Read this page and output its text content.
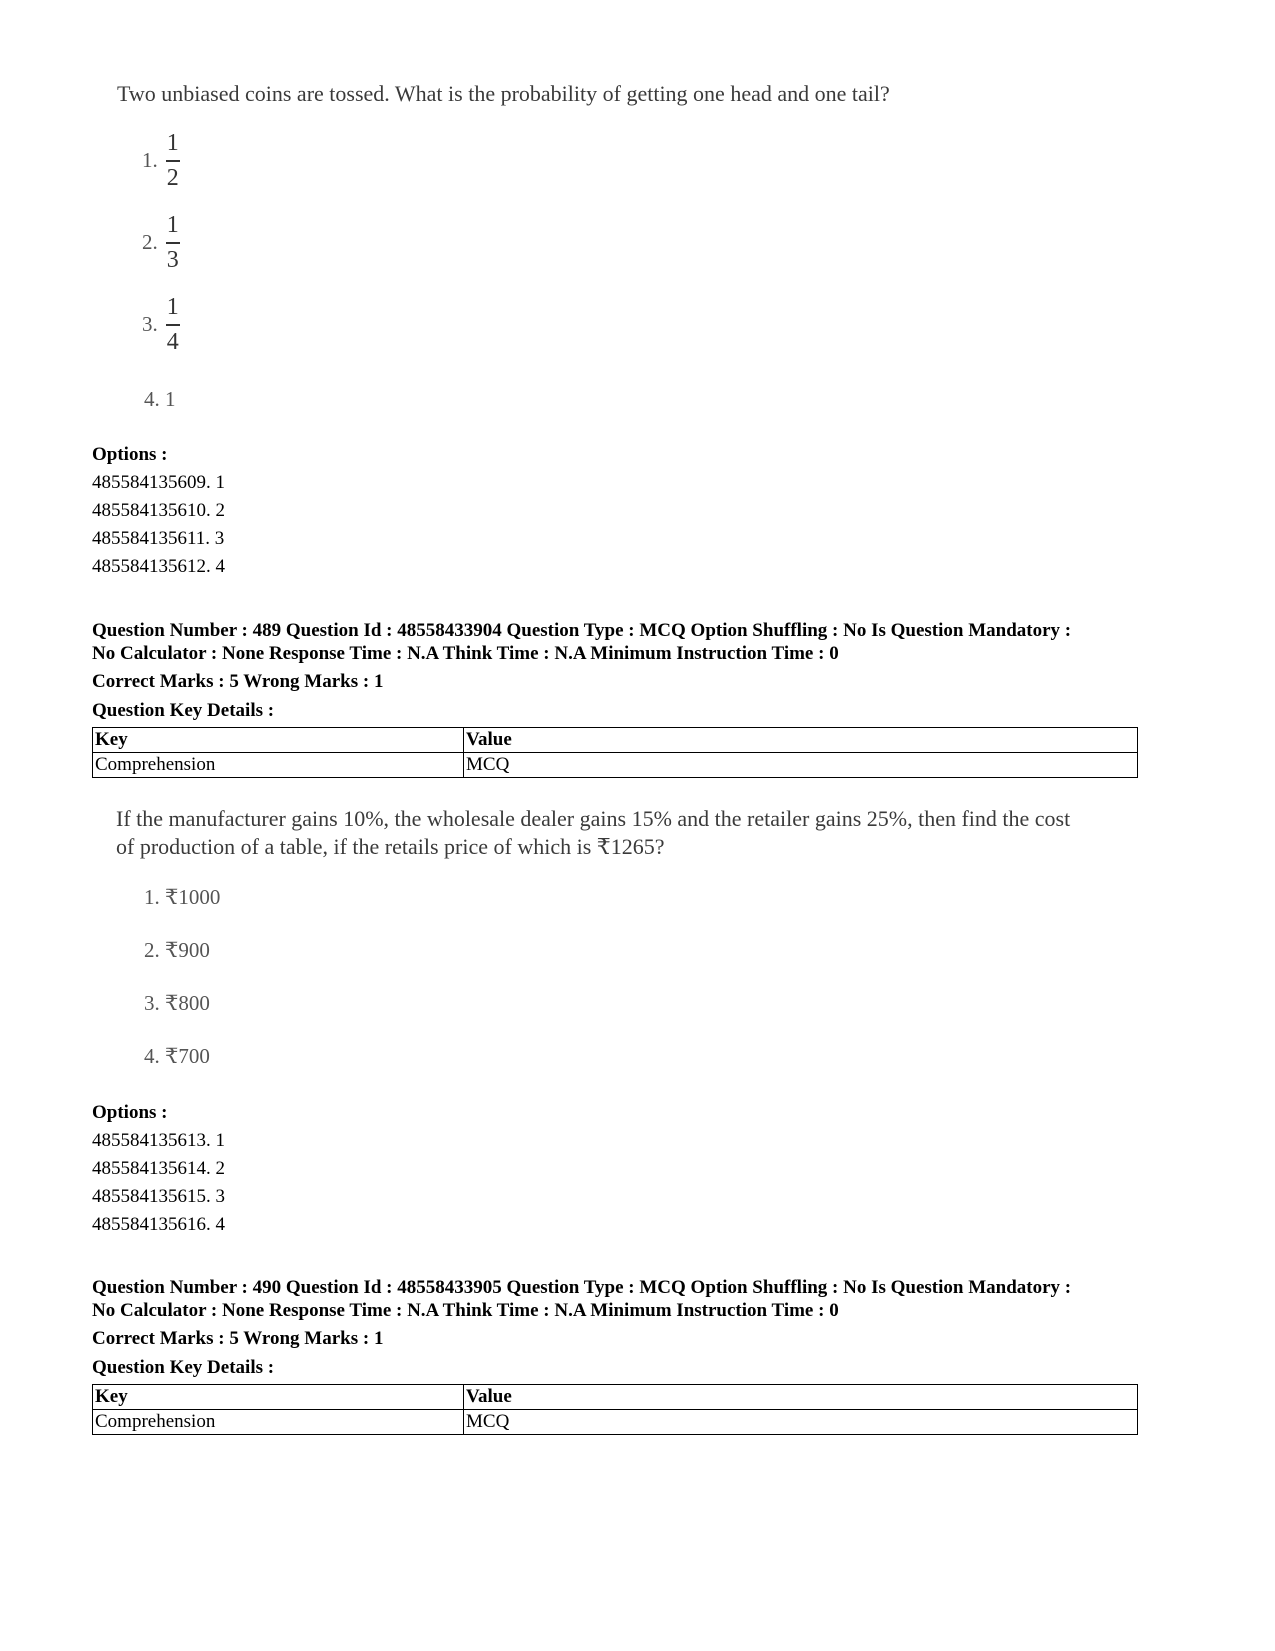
Two unbiased coins are tossed. What is the probability of getting one head and one tail?
1. $\frac{1}{2}$
2. $\frac{1}{3}$
3. $\frac{1}{4}$
4. 1
Options :
485584135609. 1
485584135610. 2
485584135611. 3
485584135612. 4
Question Number : 489 Question Id : 48558433904 Question Type : MCQ Option Shuffling : No Is Question Mandatory :
No Calculator : None Response Time : N.A Think Time : N.A Minimum Instruction Time : 0
Correct Marks : 5 Wrong Marks : 1
Question Key Details :
Key	Value
Comprehension	MCQ
If the manufacturer gains 10%, the wholesale dealer gains 15% and the retailer gains 25%, then find the cost
of production of a table, if the retails price of which is ₹1265?
1. ₹1000
2. ₹900
3. ₹800
4. ₹700
Options :
485584135613. 1
485584135614. 2
485584135615. 3
485584135616. 4
Question Number : 490 Question Id : 48558433905 Question Type : MCQ Option Shuffling : No Is Question Mandatory :
No Calculator : None Response Time : N.A Think Time : N.A Minimum Instruction Time : 0
Correct Marks : 5 Wrong Marks : 1
Question Key Details :
Key	Value
Comprehension	MCQ
